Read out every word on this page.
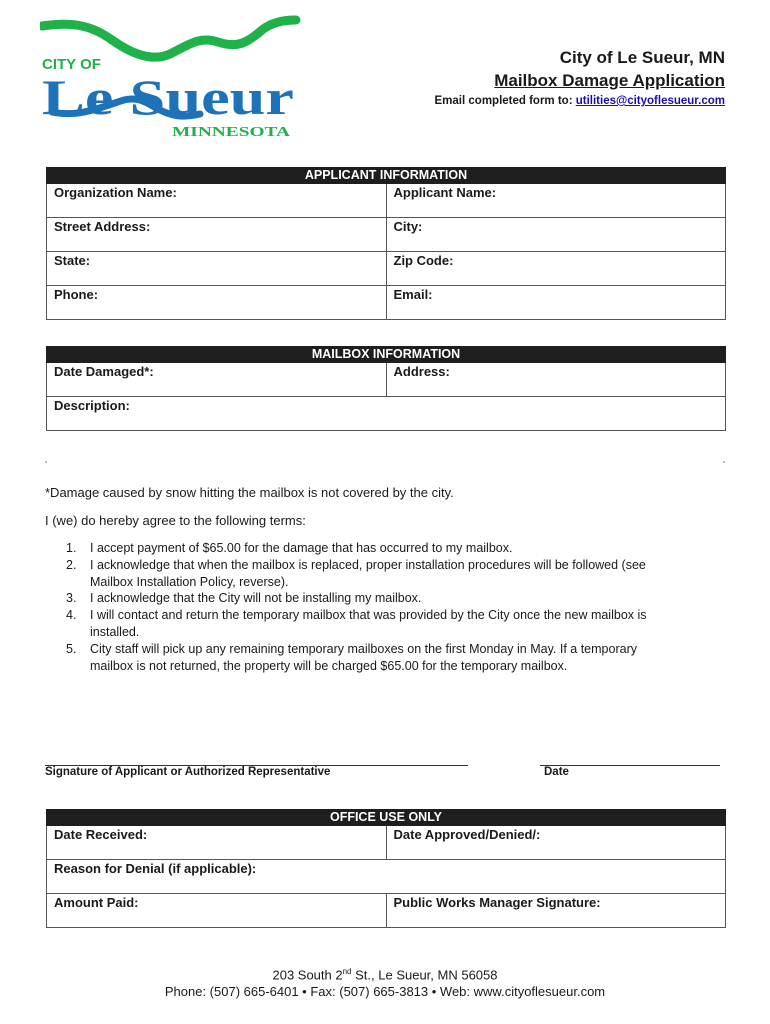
CITY OF
Le Sueur
MINNESOTA
City of Le Sueur, MN
Mailbox Damage Application
Email completed form to: utilities@cityoflesueur.com
APPLICANT INFORMATION
Organization Name:	Applicant Name:
Street Address:	City:
State:	Zip Code:
Phone:	Email:
MAILBOX INFORMATION
Date Damaged*:	Address:
Description:
*Damage caused by snow hitting the mailbox is not covered by the city.
I (we) do hereby agree to the following terms:
1.	I accept payment of $65.00 for the damage that has occurred to my mailbox.
2.	I acknowledge that when the mailbox is replaced, proper installation procedures will be followed (see Mailbox Installation Policy, reverse).
3.	I acknowledge that the City will not be installing my mailbox.
4.	I will contact and return the temporary mailbox that was provided by the City once the new mailbox is installed.
5.	City staff will pick up any remaining temporary mailboxes on the first Monday in May. If a temporary mailbox is not returned, the property will be charged $65.00 for the temporary mailbox.
Signature of Applicant or Authorized Representative	Date
OFFICE USE ONLY
Date Received:	Date Approved/Denied/:
Reason for Denial (if applicable):
Amount Paid:	Public Works Manager Signature:
203 South 2nd St., Le Sueur, MN 56058
Phone: (507) 665-6401 • Fax: (507) 665-3813 • Web: www.cityoflesueur.com
